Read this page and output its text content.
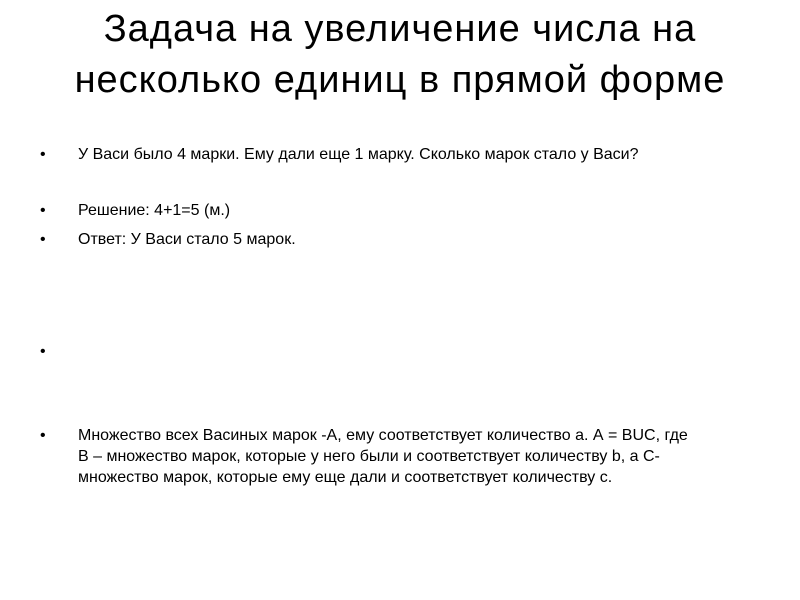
Задача на увеличение числа на несколько единиц в прямой форме
• У Васи было 4 марки. Ему дали еще 1 марку. Сколько марок стало у Васи?
• Решение: 4+1=5 (м.)
• Ответ: У Васи стало 5 марок.
•
• Множество всех Васиных марок -А, ему соответствует количество а. А = ВUС, где В – множество марок, которые у него были и соответствует количеству b, а С- множество марок, которые ему еще дали и соответствует количеству с.
